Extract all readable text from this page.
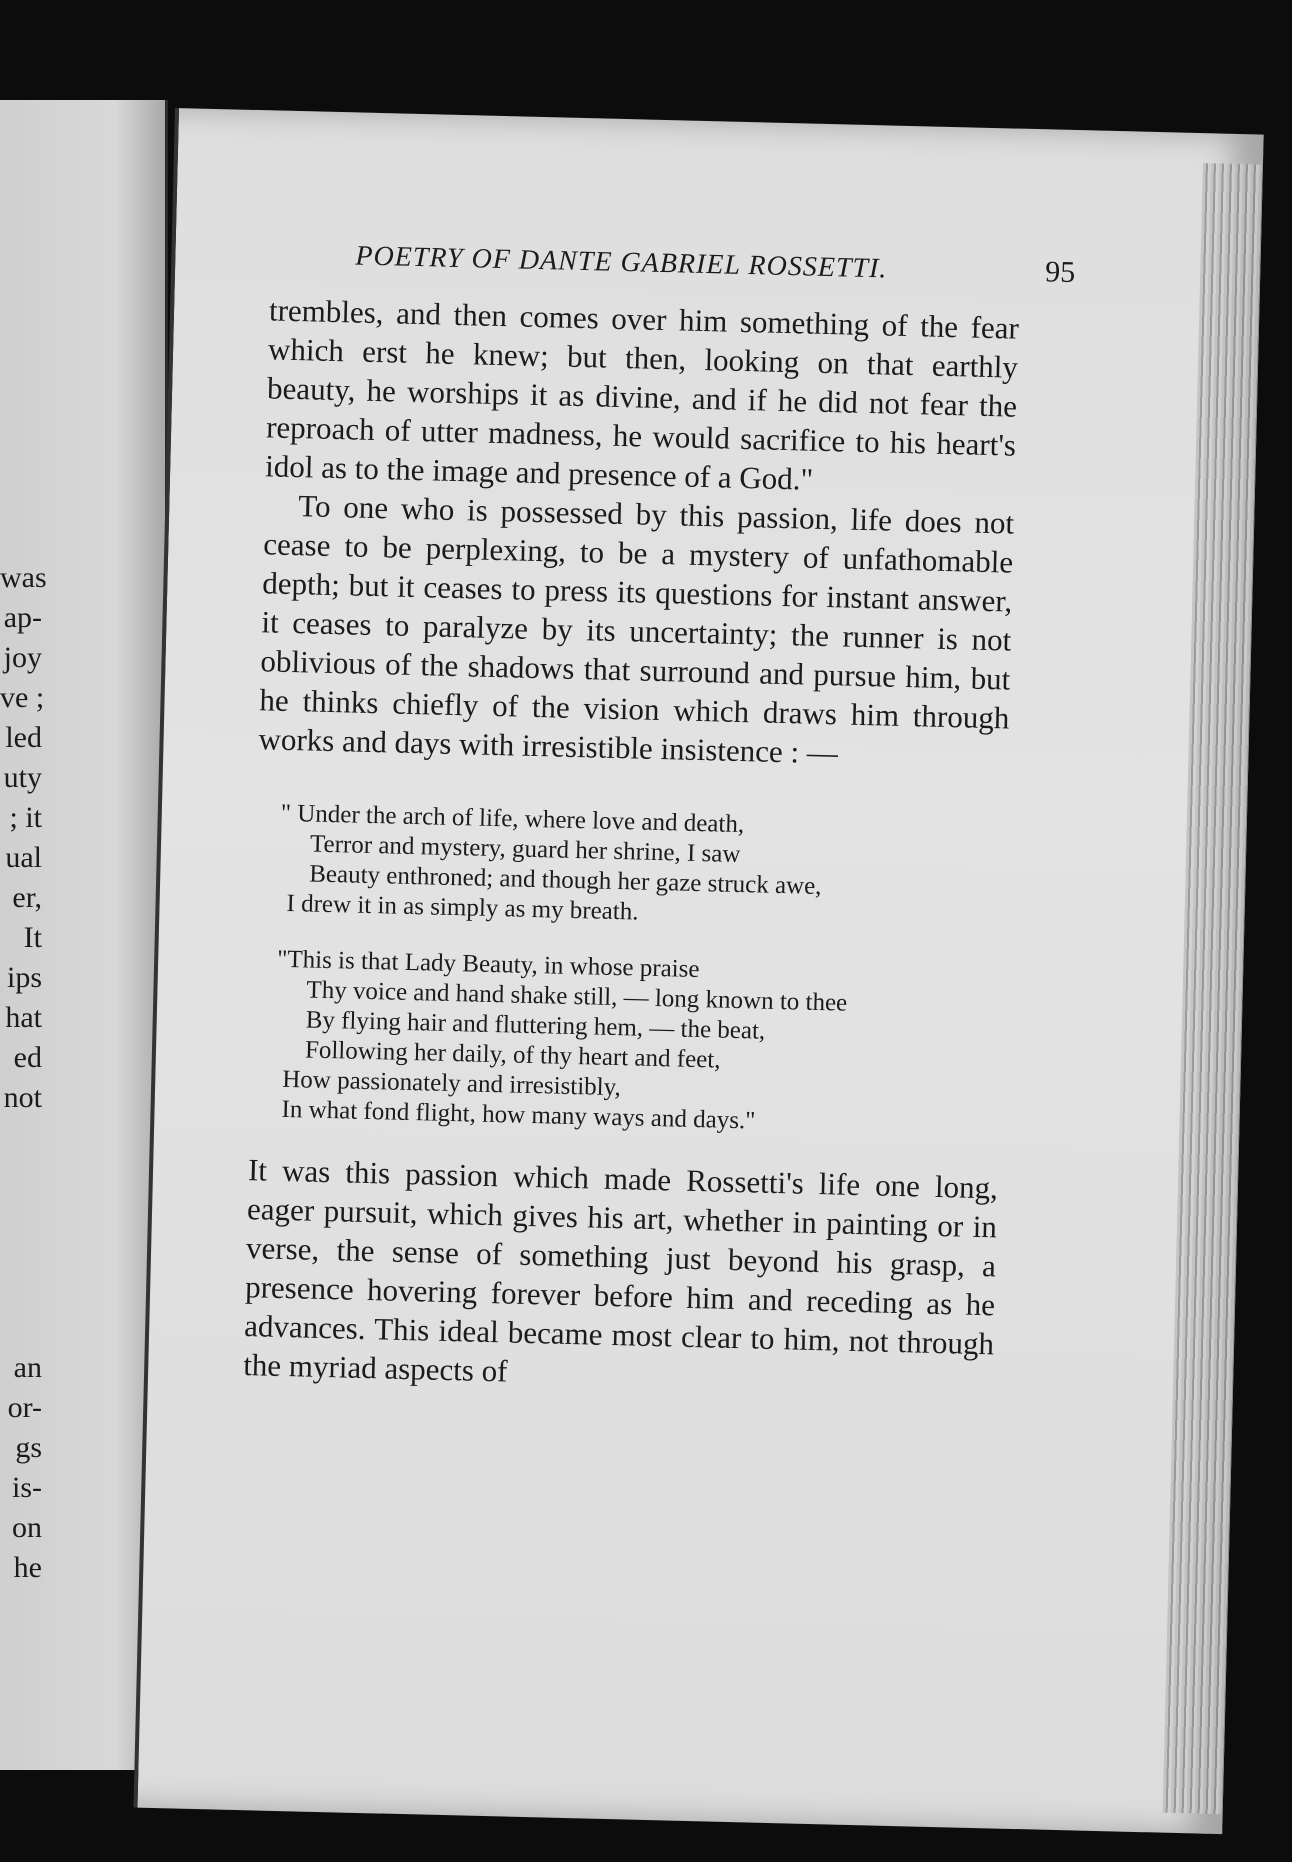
was
ap-
joy
ve ;
led
uty
; it
ual
er,
It
ips
hat
ed
not
an
or-
gs
is-
on
he
POETRY OF DANTE GABRIEL ROSSETTI.	95

trembles, and then comes over him something of the fear which erst he knew; but then, looking on that earthly beauty, he worships it as divine, and if he did not fear the reproach of utter madness, he would sacrifice to his heart's idol as to the image and presence of a God."

To one who is possessed by this passion, life does not cease to be perplexing, to be a mystery of unfathomable depth; but it ceases to press its questions for instant answer, it ceases to paralyze by its uncertainty; the runner is not oblivious of the shadows that surround and pursue him, but he thinks chiefly of the vision which draws him through works and days with irresistible insistence : —

" Under the arch of life, where love and death,
Terror and mystery, guard her shrine, I saw
Beauty enthroned; and though her gaze struck awe,
I drew it in as simply as my breath.
"This is that Lady Beauty, in whose praise
Thy voice and hand shake still, — long known to thee
By flying hair and fluttering hem, — the beat,
Following her daily, of thy heart and feet,
How passionately and irresistibly,
In what fond flight, how many ways and days."

It was this passion which made Rossetti's life one long, eager pursuit, which gives his art, whether in painting or in verse, the sense of something just beyond his grasp, a presence hovering forever before him and receding as he advances. This ideal became most clear to him, not through the myriad aspects of
